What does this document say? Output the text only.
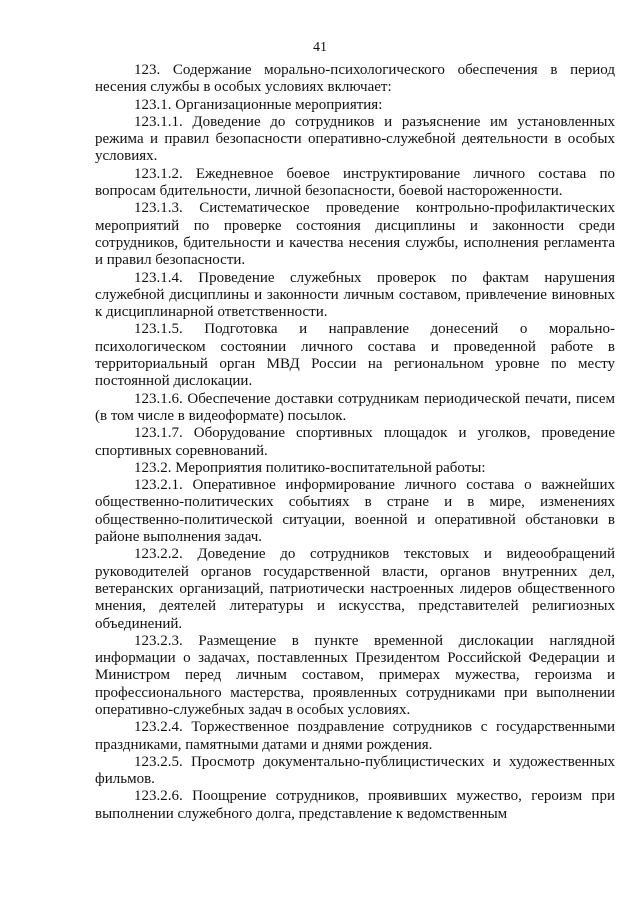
41

123. Содержание морально-психологического обеспечения в период несения службы в особых условиях включает:

123.1. Организационные мероприятия:

123.1.1. Доведение до сотрудников и разъяснение им установленных режима и правил безопасности оперативно-служебной деятельности в особых условиях.

123.1.2. Ежедневное боевое инструктирование личного состава по вопросам бдительности, личной безопасности, боевой настороженности.

123.1.3. Систематическое проведение контрольно-профилактических мероприятий по проверке состояния дисциплины и законности среди сотрудников, бдительности и качества несения службы, исполнения регламента и правил безопасности.

123.1.4. Проведение служебных проверок по фактам нарушения служебной дисциплины и законности личным составом, привлечение виновных к дисциплинарной ответственности.

123.1.5. Подготовка и направление донесений о морально-психологическом состоянии личного состава и проведенной работе в территориальный орган МВД России на региональном уровне по месту постоянной дислокации.

123.1.6. Обеспечение доставки сотрудникам периодической печати, писем (в том числе в видеоформате) посылок.

123.1.7. Оборудование спортивных площадок и уголков, проведение спортивных соревнований.

123.2. Мероприятия политико-воспитательной работы:

123.2.1. Оперативное информирование личного состава о важнейших общественно-политических событиях в стране и в мире, изменениях общественно-политической ситуации, военной и оперативной обстановки в районе выполнения задач.

123.2.2. Доведение до сотрудников текстовых и видеообращений руководителей органов государственной власти, органов внутренних дел, ветеранских организаций, патриотически настроенных лидеров общественного мнения, деятелей литературы и искусства, представителей религиозных объединений.

123.2.3. Размещение в пункте временной дислокации наглядной информации о задачах, поставленных Президентом Российской Федерации и Министром перед личным составом, примерах мужества, героизма и профессионального мастерства, проявленных сотрудниками при выполнении оперативно-служебных задач в особых условиях.

123.2.4. Торжественное поздравление сотрудников с государственными праздниками, памятными датами и днями рождения.

123.2.5. Просмотр документально-публицистических и художественных фильмов.

123.2.6. Поощрение сотрудников, проявивших мужество, героизм при выполнении служебного долга, представление к ведомственным
